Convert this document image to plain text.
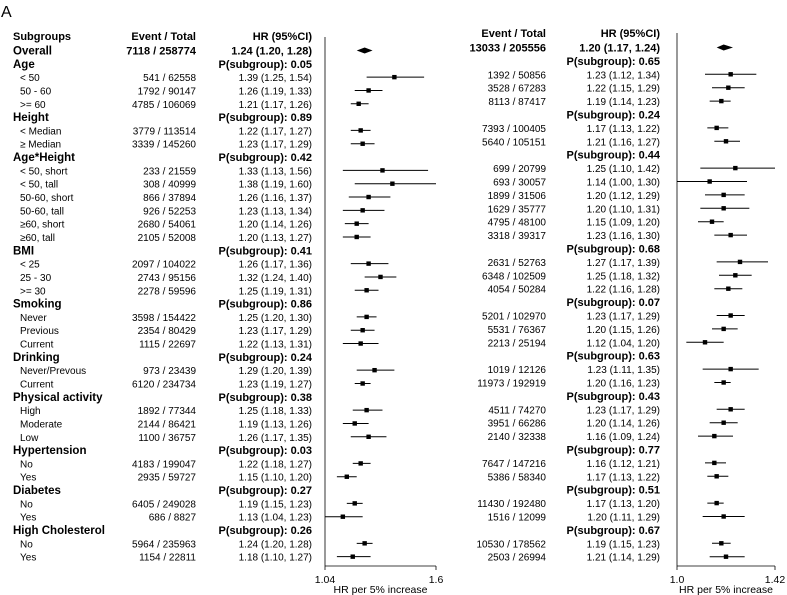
A
Subgroups	Event / Total	HR (95%CI)	Event / Total	HR (95%CI)
1.04	1.6
HR per 5% increase
Overall	7118 / 258774	1.24 (1.20, 1.28)
Age	P(subgroup): 0.05
< 50	541 / 62558	1.39 (1.25, 1.54)
50 - 60	1792 / 90147	1.26 (1.19, 1.33)
>= 60	4785 / 106069	1.21 (1.17, 1.26)
Height	P(subgroup): 0.89
< Median	3779 / 113514	1.22 (1.17, 1.27)
≥ Median	3339 / 145260	1.23 (1.17, 1.29)
Age*Height	P(subgroup): 0.42
< 50, short	233 / 21559	1.33 (1.13, 1.56)
< 50, tall	308 / 40999	1.38 (1.19, 1.60)
50-60, short	866 / 37894	1.26 (1.16, 1.37)
50-60, tall	926 / 52253	1.23 (1.13, 1.34)
≥60, short	2680 / 54061	1.20 (1.14, 1.26)
≥60, tall	2105 / 52008	1.20 (1.13, 1.27)
BMI	P(subgroup): 0.41
< 25	2097 / 104022	1.26 (1.17, 1.36)
25 - 30	2743 / 95156	1.32 (1.24, 1.40)
>= 30	2278 / 59596	1.25 (1.19, 1.31)
Smoking	P(subgroup): 0.86
Never	3598 / 154422	1.25 (1.20, 1.30)
Previous	2354 / 80429	1.23 (1.17, 1.29)
Current	1115 / 22697	1.22 (1.13, 1.31)
Drinking	P(subgroup): 0.24
Never/Prevous	973 / 23439	1.29 (1.20, 1.39)
Current	6120 / 234734	1.23 (1.19, 1.27)
Physical activity	P(subgroup): 0.38
High	1892 / 77344	1.25 (1.18, 1.33)
Moderate	2144 / 86421	1.19 (1.13, 1.26)
Low	1100 / 36757	1.26 (1.17, 1.35)
Hypertension	P(subgroup): 0.03
No	4183 / 199047	1.22 (1.18, 1.27)
Yes	2935 / 59727	1.15 (1.10, 1.20)
Diabetes	P(subgroup): 0.27
No	6405 / 249028	1.19 (1.15, 1.23)
Yes	686 / 8827	1.13 (1.04, 1.23)
High Cholesterol	P(subgroup): 0.26
No	5964 / 235963	1.24 (1.20, 1.28)
Yes	1154 / 22811	1.18 (1.10, 1.27)
1.0	1.42
HR per 5% increase
13033 / 205556	1.20 (1.17, 1.24)
P(subgroup): 0.65
1392 / 50856	1.23 (1.12, 1.34)
3528 / 67283	1.22 (1.15, 1.29)
8113 / 87417	1.19 (1.14, 1.23)
P(subgroup): 0.24
7393 / 100405	1.17 (1.13, 1.22)
5640 / 105151	1.21 (1.16, 1.27)
P(subgroup): 0.44
699 / 20799	1.25 (1.10, 1.42)
693 / 30057	1.14 (1.00, 1.30)
1899 / 31506	1.20 (1.12, 1.29)
1629 / 35777	1.20 (1.10, 1.31)
4795 / 48100	1.15 (1.09, 1.20)
3318 / 39317	1.23 (1.16, 1.30)
P(subgroup): 0.68
2631 / 52763	1.27 (1.17, 1.39)
6348 / 102509	1.25 (1.18, 1.32)
4054 / 50284	1.22 (1.16, 1.28)
P(subgroup): 0.07
5201 / 102970	1.23 (1.17, 1.29)
5531 / 76367	1.20 (1.15, 1.26)
2213 / 25194	1.12 (1.04, 1.20)
P(subgroup): 0.63
1019 / 12126	1.23 (1.11, 1.35)
11973 / 192919	1.20 (1.16, 1.23)
P(subgroup): 0.43
4511 / 74270	1.23 (1.17, 1.29)
3951 / 66286	1.20 (1.14, 1.26)
2140 / 32338	1.16 (1.09, 1.24)
P(subgroup): 0.77
7647 / 147216	1.16 (1.12, 1.21)
5386 / 58340	1.17 (1.13, 1.22)
P(subgroup): 0.51
11430 / 192480	1.17 (1.13, 1.20)
1516 / 12099	1.20 (1.11, 1.29)
P(subgroup): 0.67
10530 / 178562	1.19 (1.15, 1.23)
2503 / 26994	1.21 (1.14, 1.29)
